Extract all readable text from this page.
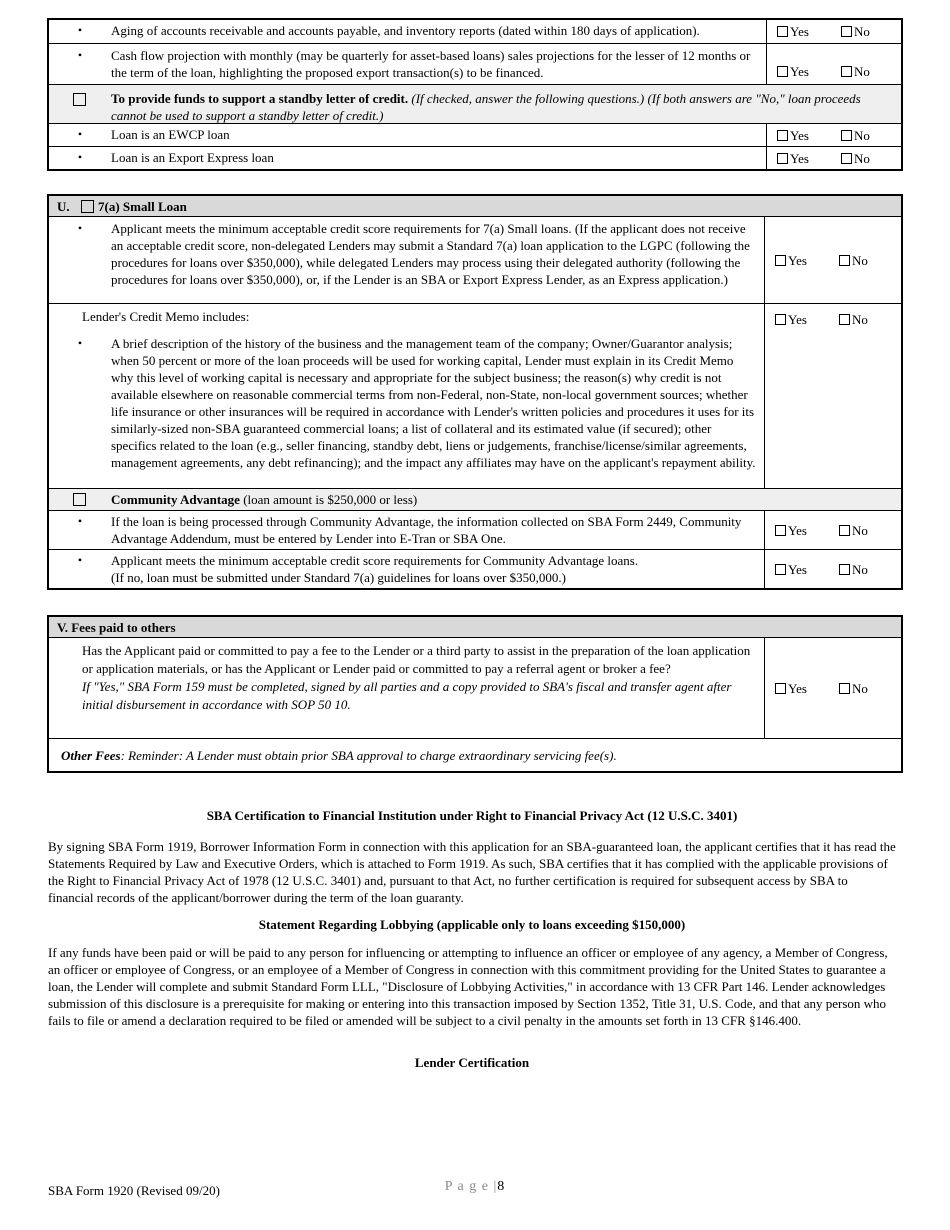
•
Aging of accounts receivable and accounts payable, and inventory reports (dated within 180 days of application).	Yes	No
•
Cash flow projection with monthly (may be quarterly for asset-based loans) sales projections for the lesser of 12 months or the term of the loan, highlighting the proposed export transaction(s) to be financed.	Yes	No
To provide funds to support a standby letter of credit. (If checked, answer the following questions.) (If both answers are "No," loan proceeds cannot be used to support a standby letter of credit.)
•
Loan is an EWCP loan	Yes	No
•
Loan is an Export Express loan	Yes	No
U.	7(a) Small Loan
•
Applicant meets the minimum acceptable credit score requirements for 7(a) Small loans. (If the applicant does not receive an acceptable credit score, non-delegated Lenders may submit a Standard 7(a) loan application to the LGPC (following the procedures for loans over $350,000), while delegated Lenders may process using their delegated authority (following the procedures for loans over $350,000), or, if the Lender is an SBA or Export Express Lender, as an Express application.)
Yes	No
Lender's Credit Memo includes:
•
A brief description of the history of the business and the management team of the company; Owner/Guarantor analysis; when 50 percent or more of the loan proceeds will be used for working capital, Lender must explain in its Credit Memo why this level of working capital is necessary and appropriate for the subject business; the reason(s) why credit is not available elsewhere on reasonable commercial terms from non-Federal, non-State, non-local government sources; whether life insurance or other insurances will be required in accordance with Lender's written policies and procedures it uses for its similarly-sized non-SBA guaranteed commercial loans; a list of collateral and its estimated value (if secured); other specifics related to the loan (e.g., seller financing, standby debt, liens or judgements, franchise/license/similar agreements, management agreements, any debt refinancing); and the impact any affiliates may have on the applicant's repayment ability.
Yes	No
Community Advantage (loan amount is $250,000 or less)
•
If the loan is being processed through Community Advantage, the information collected on SBA Form 2449, Community Advantage Addendum, must be entered by Lender into E-Tran or SBA One.
Yes	No
•
Applicant meets the minimum acceptable credit score requirements for Community Advantage loans.
(If no, loan must be submitted under Standard 7(a) guidelines for loans over $350,000.)
Yes	No
V. Fees paid to others
Has the Applicant paid or committed to pay a fee to the Lender or a third party to assist in the preparation of the loan application or application materials, or has the Applicant or Lender paid or committed to pay a referral agent or broker a fee?
If "Yes," SBA Form 159 must be completed, signed by all parties and a copy provided to SBA's fiscal and transfer agent after initial disbursement in accordance with SOP 50 10.
Yes	No
Other Fees: Reminder: A Lender must obtain prior SBA approval to charge extraordinary servicing fee(s).
SBA Certification to Financial Institution under Right to Financial Privacy Act (12 U.S.C. 3401)
By signing SBA Form 1919, Borrower Information Form in connection with this application for an SBA-guaranteed loan, the applicant certifies that it has read the Statements Required by Law and Executive Orders, which is attached to Form 1919. As such, SBA certifies that it has complied with the applicable provisions of the Right to Financial Privacy Act of 1978 (12 U.S.C. 3401) and, pursuant to that Act, no further certification is required for subsequent access by SBA to financial records of the applicant/borrower during the term of the loan guaranty.
Statement Regarding Lobbying (applicable only to loans exceeding $150,000)
If any funds have been paid or will be paid to any person for influencing or attempting to influence an officer or employee of any agency, a Member of Congress, an officer or employee of Congress, or an employee of a Member of Congress in connection with this commitment providing for the United States to guarantee a loan, the Lender will complete and submit Standard Form LLL, "Disclosure of Lobbying Activities," in accordance with 13 CFR Part 146. Lender acknowledges submission of this disclosure is a prerequisite for making or entering into this transaction imposed by Section 1352, Title 31, U.S. Code, and that any person who fails to file or amend a declaration required to be filed or amended will be subject to a civil penalty in the amounts set forth in 13 CFR §146.400.
Lender Certification
SBA Form 1920 (Revised 09/20)	P a g e |8
